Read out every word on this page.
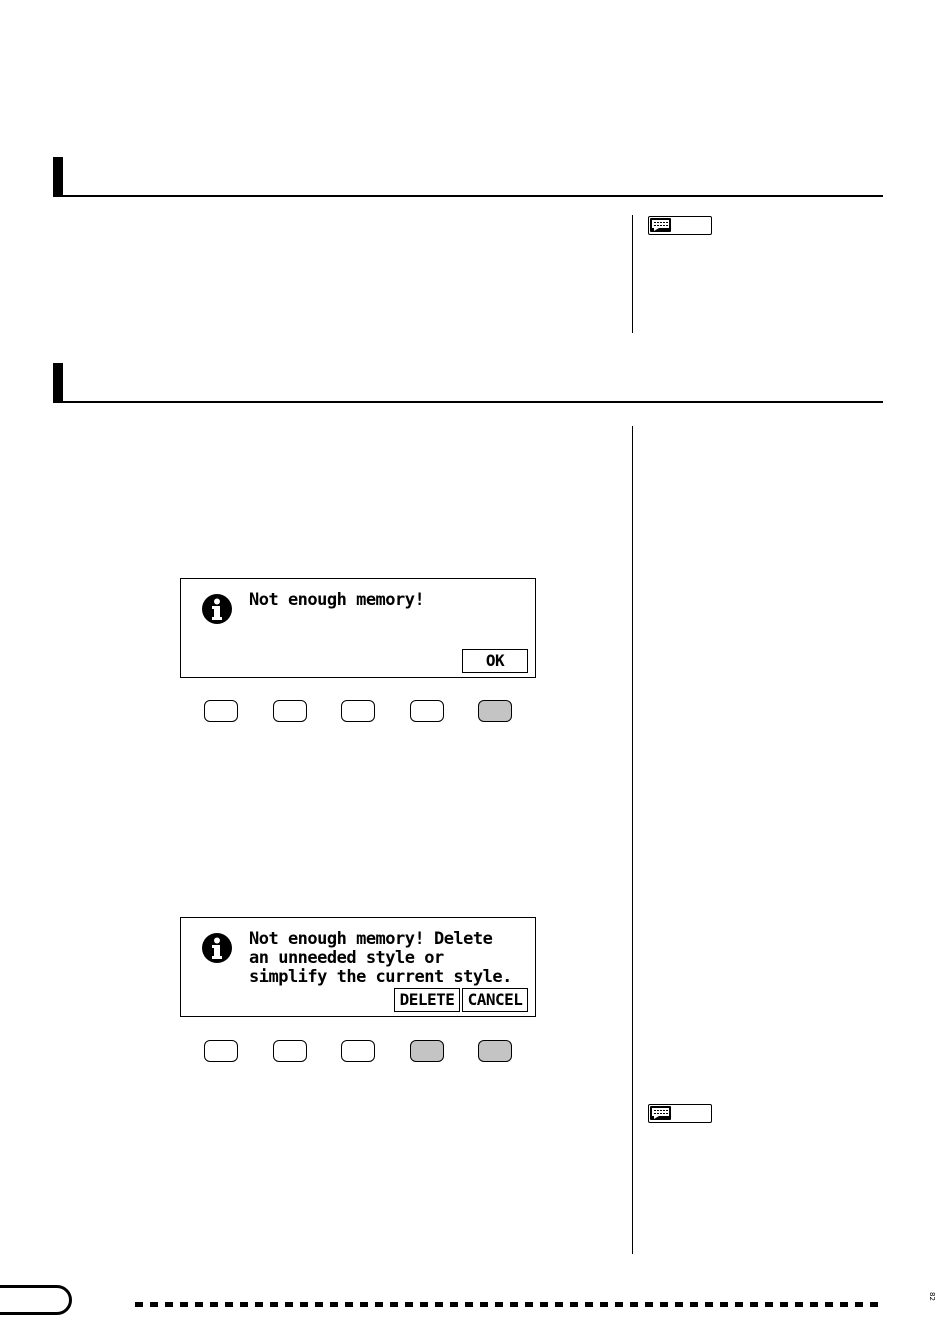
Not enough memory!
OK
Not enough memory! Delete
an unneeded style or
simplify the current style.
DELETE CANCEL
82
